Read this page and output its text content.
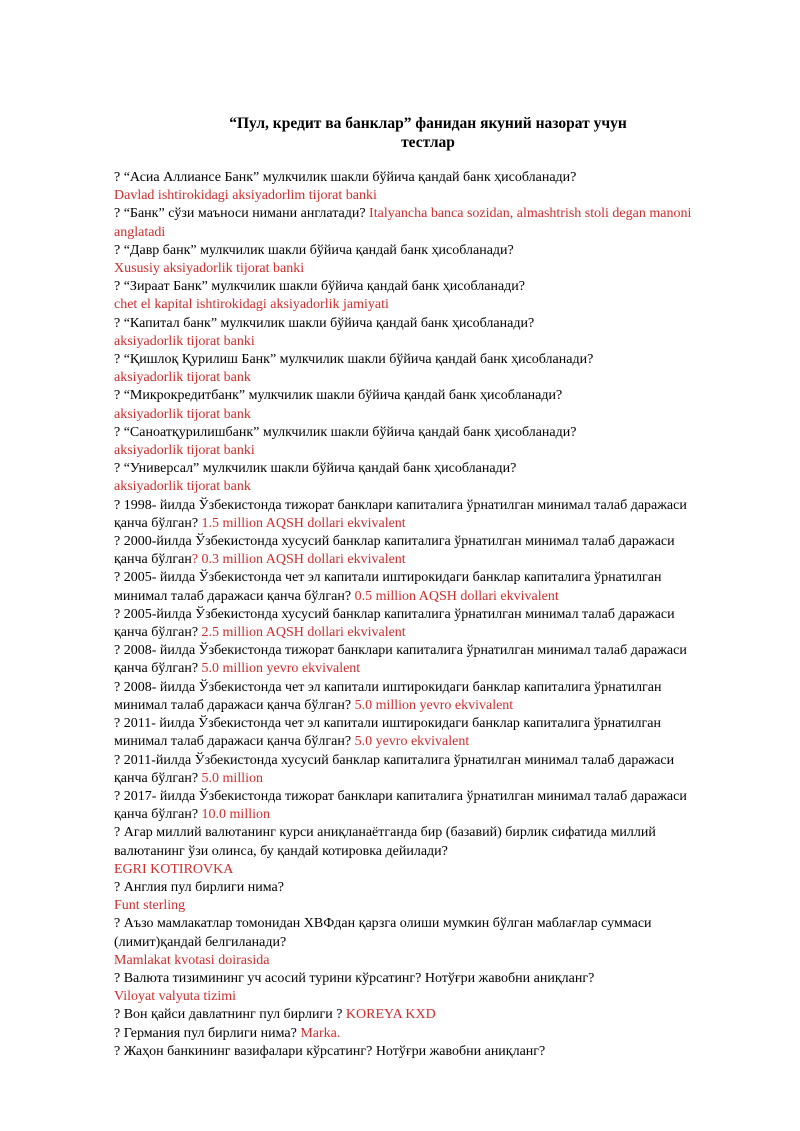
“Пул, кредит ва банклар” фанидан якуний назорат учун
тестлар
? “Асиа Аллиансе Банк” мулкчилик шакли бўйича қандай банк ҳисобланади?
Davlad ishtirokidagi aksiyadorlim tijorat banki
? “Банк” сўзи маъноси нимани англатади? Italyancha banca sozidan, almashtrish stoli degan manoni
anglatadi
? “Давр банк” мулкчилик шакли бўйича қандай банк ҳисобланади?
Xususiy aksiyadorlik tijorat banki
? “Зираат Банк” мулкчилик шакли бўйича қандай банк ҳисобланади?
chet el kapital ishtirokidagi aksiyadorlik jamiyati
? “Капитал банк” мулкчилик шакли бўйича қандай банк ҳисобланади?
aksiyadorlik tijorat banki
? “Қишлоқ Қурилиш Банк” мулкчилик шакли бўйича қандай банк ҳисобланади?
aksiyadorlik tijorat bank
? “Микрокредитбанк” мулкчилик шакли бўйича қандай банк ҳисобланади?
aksiyadorlik tijorat bank
? “Саноатқурилишбанк” мулкчилик шакли бўйича қандай банк ҳисобланади?
aksiyadorlik tijorat banki
? “Универсал” мулкчилик шакли бўйича қандай банк ҳисобланади?
aksiyadorlik tijorat bank
? 1998- йилда Ўзбекистонда тижорат банклари капиталига ўрнатилган минимал талаб даражаси
қанча бўлган? 1.5 million AQSH dollari ekvivalent
? 2000-йилда Ўзбекистонда хусусий банклар капиталига ўрнатилган минимал талаб даражаси
қанча бўлган? 0.3 million AQSH dollari ekvivalent
? 2005- йилда Ўзбекистонда чет эл капитали иштирокидаги банклар капиталига ўрнатилган
минимал талаб даражаси қанча бўлган? 0.5 million AQSH dollari ekvivalent
? 2005-йилда Ўзбекистонда хусусий банклар капиталига ўрнатилган минимал талаб даражаси
қанча бўлган? 2.5 million AQSH dollari ekvivalent
? 2008- йилда Ўзбекистонда тижорат банклари капиталига ўрнатилган минимал талаб даражаси
қанча бўлган? 5.0 million yevro ekvivalent
? 2008- йилда Ўзбекистонда чет эл капитали иштирокидаги банклар капиталига ўрнатилган
минимал талаб даражаси қанча бўлган? 5.0 million yevro ekvivalent
? 2011- йилда Ўзбекистонда чет эл капитали иштирокидаги банклар капиталига ўрнатилган
минимал талаб даражаси қанча бўлган? 5.0 yevro ekvivalent
? 2011-йилда Ўзбекистонда хусусий банклар капиталига ўрнатилган минимал талаб даражаси
қанча бўлган? 5.0 million
? 2017- йилда Ўзбекистонда тижорат банклари капиталига ўрнатилган минимал талаб даражаси
қанча бўлган? 10.0 million
? Агар миллий валютанинг курси аниқланаётганда бир (базавий) бирлик сифатида миллий
валютанинг ўзи олинса, бу қандай котировка дейилади?
EGRI KOTIROVKA
? Англия пул бирлиги нима?
Funt sterling
? Аъзо мамлакатлар томонидан ХВФдан қарзга олиши мумкин бўлган маблағлар суммаси
(лимит)қандай белгиланади?
Mamlakat kvotasi doirasida
? Валюта тизимининг уч асосий турини кўрсатинг? Нотўғри жавобни аниқланг?
Viloyat valyuta tizimi
? Вон қайси давлатнинг пул бирлиги ? KOREYA KXD
? Германия пул бирлиги нима? Marka.
? Жаҳон банкининг вазифалари кўрсатинг? Нотўғри жавобни аниқланг?
